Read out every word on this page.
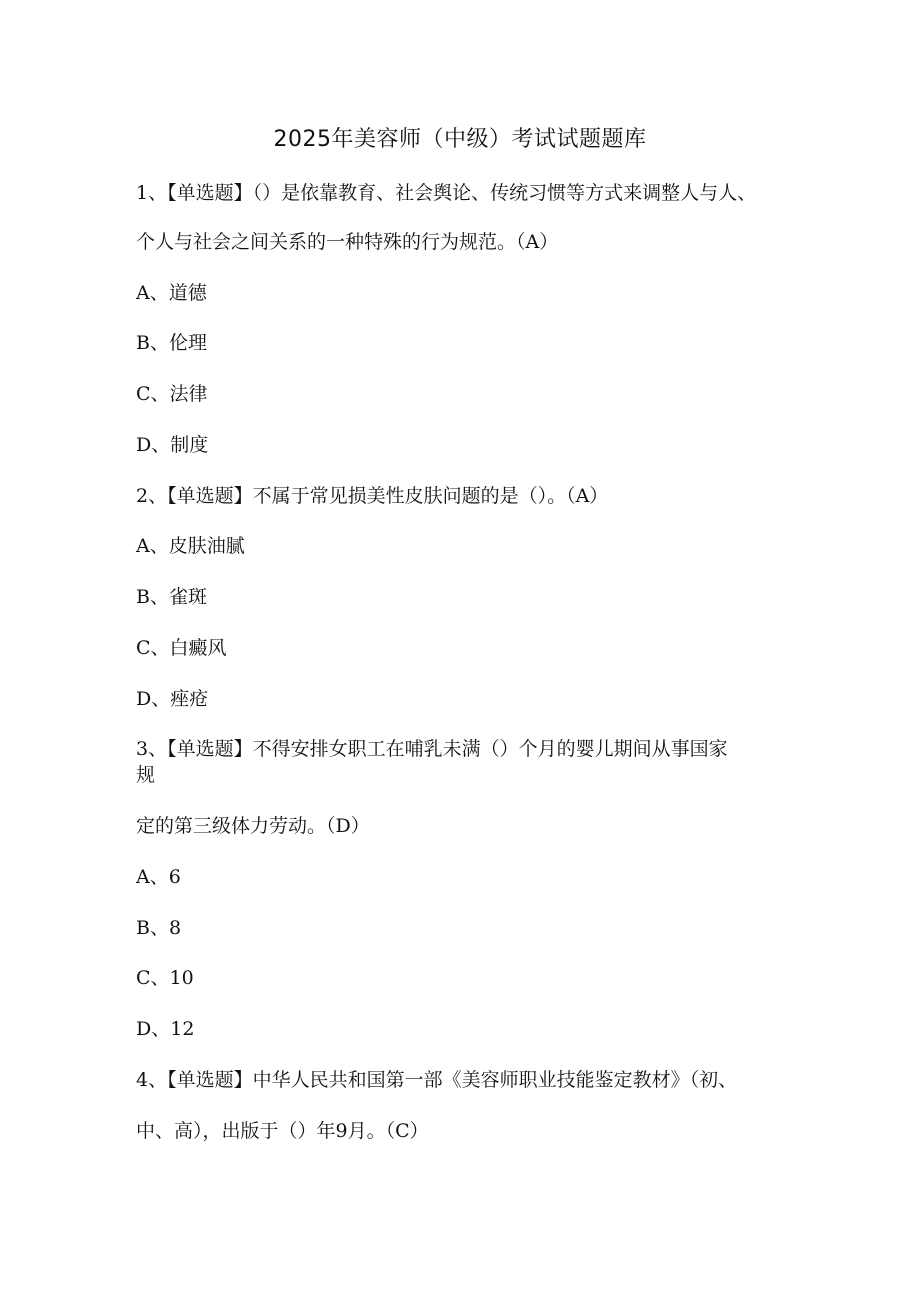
2025年美容师（中级）考试试题题库
1、【单选题】（）是依靠教育、社会舆论、传统习惯等方式来调整人与人、
个人与社会之间关系的一种特殊的行为规范。（A）
A、道德
B、伦理
C、法律
D、制度
2、【单选题】不属于常见损美性皮肤问题的是（）。（A）
A、皮肤油腻
B、雀斑
C、白癜风
D、痤疮
3、【单选题】不得安排女职工在哺乳未满（）个月的婴儿期间从事国家
规
定的第三级体力劳动。（D）
A、6
B、8
C、10
D、12
4、【单选题】中华人民共和国第一部《美容师职业技能鉴定教材》（初、
中、高），出版于（）年9月。（C）
